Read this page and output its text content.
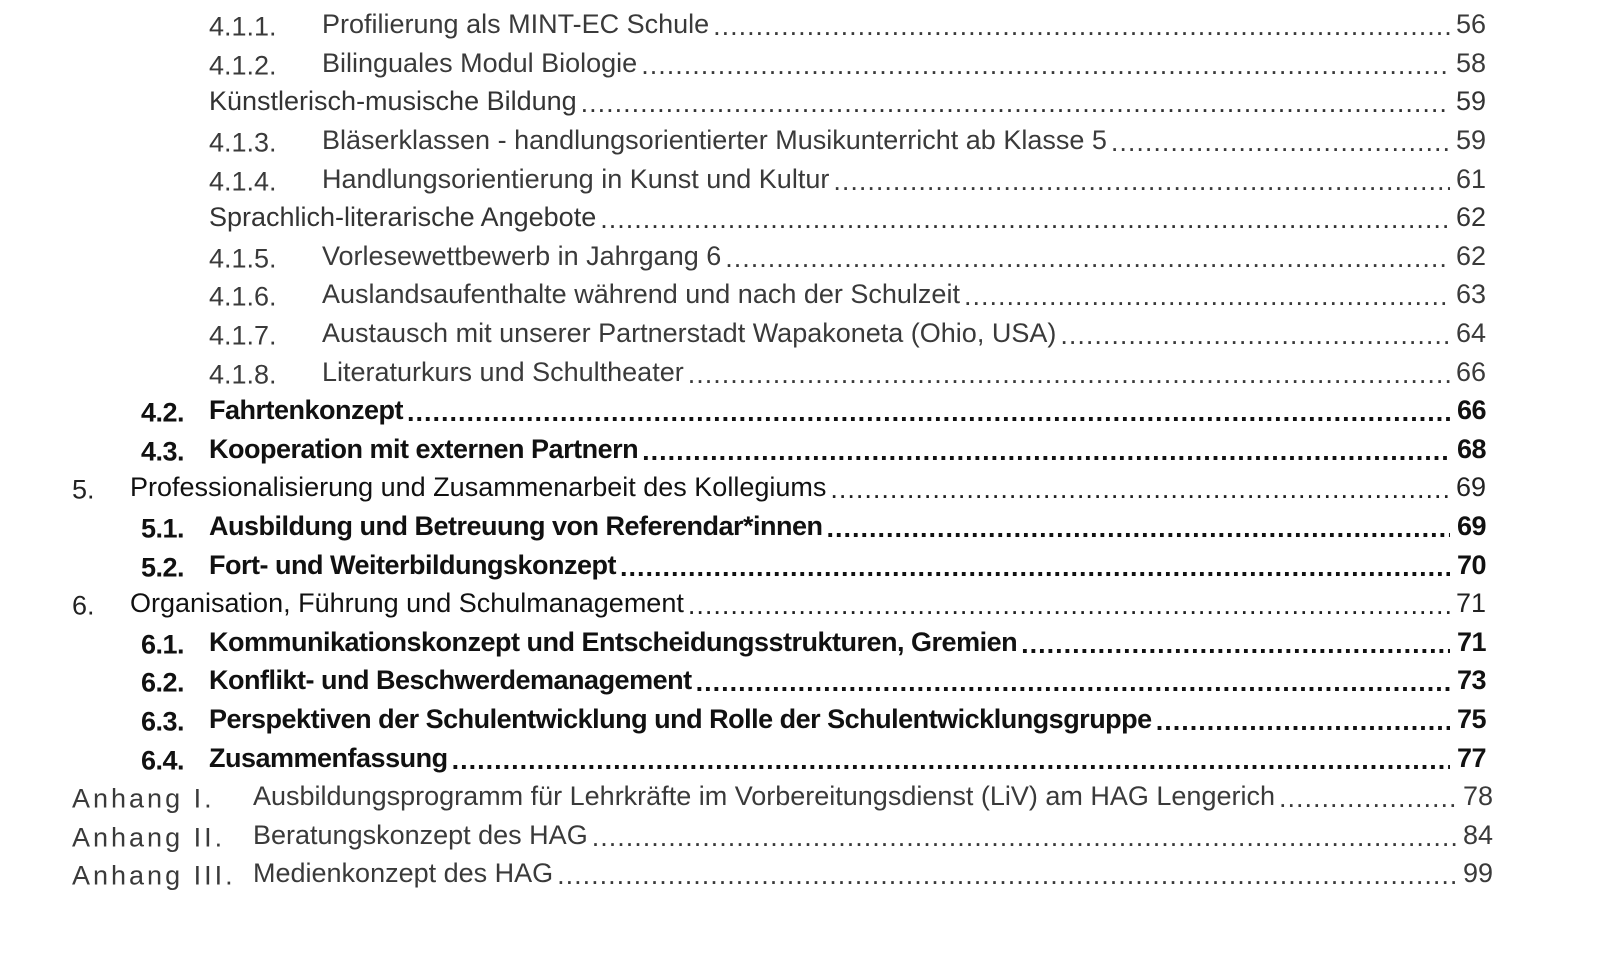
4.1.1. Profilierung als MINT-EC Schule .....	56
4.1.2. Bilinguales Modul Biologie .....	58
Künstlerisch-musische Bildung .....	59
4.1.3. Bläserklassen - handlungsorientierter Musikunterricht ab Klasse 5 .....	59
4.1.4. Handlungsorientierung in Kunst und Kultur .....	61
Sprachlich-literarische Angebote .....	62
4.1.5. Vorlesewettbewerb in Jahrgang 6 .....	62
4.1.6. Auslandsaufenthalte während und nach der Schulzeit .....	63
4.1.7. Austausch mit unserer Partnerstadt Wapakoneta (Ohio, USA) .....	64
4.1.8. Literaturkurs und Schultheater .....	66
4.2. Fahrtenkonzept .....	66
4.3. Kooperation mit externen Partnern .....	68
5. Professionalisierung und Zusammenarbeit des Kollegiums .....	69
5.1. Ausbildung und Betreuung von Referendar*innen .....	69
5.2. Fort- und Weiterbildungskonzept .....	70
6. Organisation, Führung und Schulmanagement .....	71
6.1. Kommunikationskonzept und Entscheidungsstrukturen, Gremien .....	71
6.2. Konflikt- und Beschwerdemanagement .....	73
6.3. Perspektiven der Schulentwicklung und Rolle der Schulentwicklungsgruppe .....	75
6.4. Zusammenfassung .....	77
Anhang I. Ausbildungsprogramm für Lehrkräfte im Vorbereitungsdienst (LiV) am HAG Lengerich .....	78
Anhang II. Beratungskonzept des HAG .....	84
Anhang III. Medienkonzept des HAG .....	99
